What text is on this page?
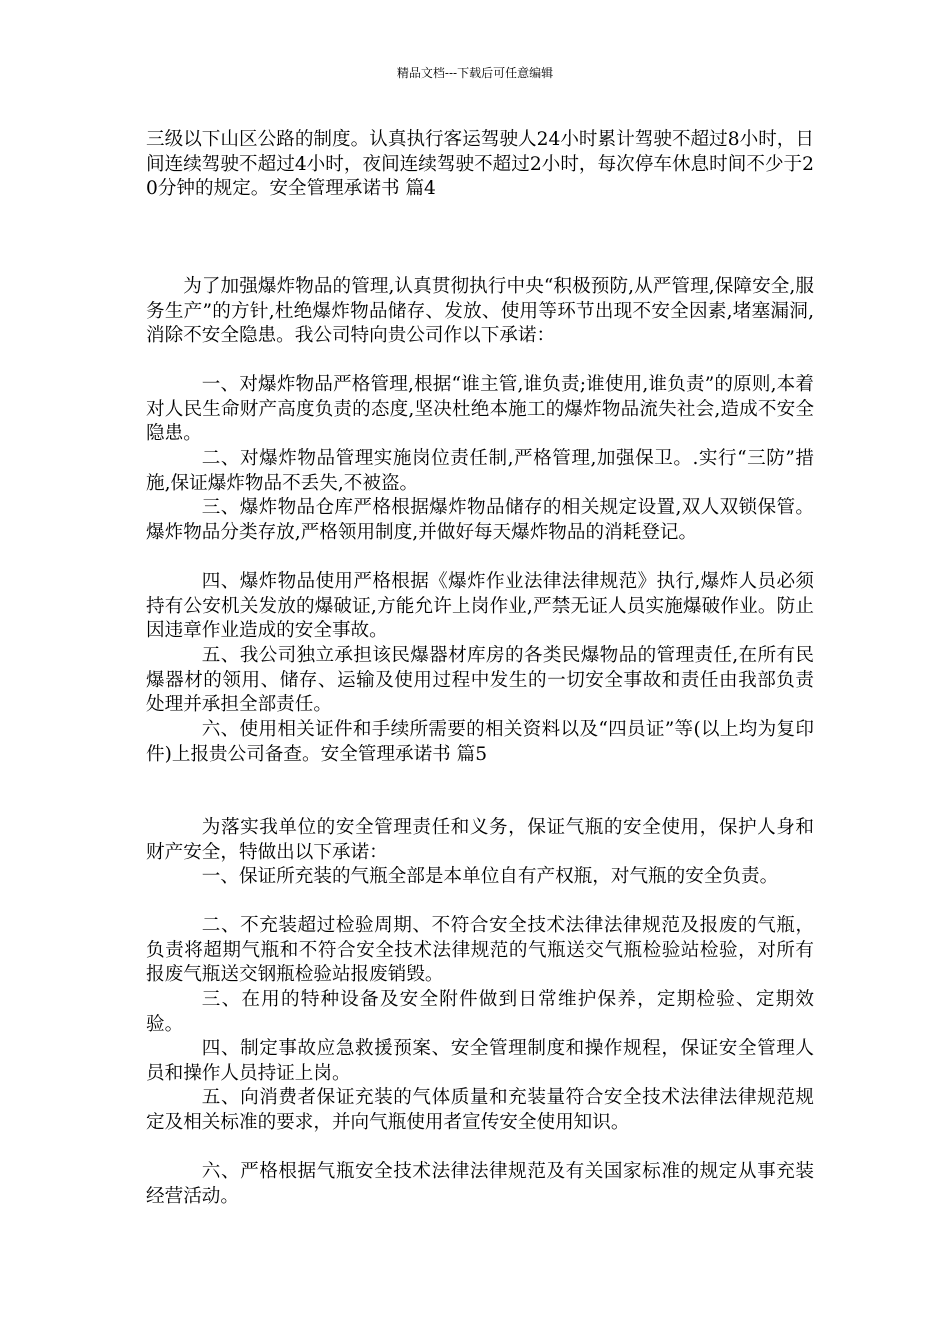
精品文档---下载后可任意编辑

三级以下山区公路的制度。认真执行客运驾驶人24小时累计驾驶不超过8小时，日间连续驾驶不超过4小时，夜间连续驾驶不超过2小时，每次停车休息时间不少于20分钟的规定。安全管理承诺书 篇4

为了加强爆炸物品的管理,认真贯彻执行中央“积极预防,从严管理,保障安全,服务生产”的方针,杜绝爆炸物品储存、发放、使用等环节出现不安全因素,堵塞漏洞,消除不安全隐患。我公司特向贵公司作以下承诺：

一、对爆炸物品严格管理,根据“谁主管,谁负责;谁使用,谁负责”的原则,本着对人民生命财产高度负责的态度,坚决杜绝本施工的爆炸物品流失社会,造成不安全隐患。

二、对爆炸物品管理实施岗位责任制,严格管理,加强保卫。.实行“三防”措施,保证爆炸物品不丢失,不被盗。

三、爆炸物品仓库严格根据爆炸物品储存的相关规定设置,双人双锁保管。爆炸物品分类存放,严格领用制度,并做好每天爆炸物品的消耗登记。

四、爆炸物品使用严格根据《爆炸作业法律法律规范》执行,爆炸人员必须持有公安机关发放的爆破证,方能允许上岗作业,严禁无证人员实施爆破作业。防止因违章作业造成的安全事故。

五、我公司独立承担该民爆器材库房的各类民爆物品的管理责任,在所有民爆器材的领用、储存、运输及使用过程中发生的一切安全事故和责任由我部负责处理并承担全部责任。

六、使用相关证件和手续所需要的相关资料以及“四员证”等(以上均为复印件)上报贵公司备查。安全管理承诺书 篇5

为落实我单位的安全管理责任和义务，保证气瓶的安全使用，保护人身和财产安全，特做出以下承诺：

一、保证所充装的气瓶全部是本单位自有产权瓶，对气瓶的安全负责。

二、不充装超过检验周期、不符合安全技术法律法律规范及报废的气瓶，负责将超期气瓶和不符合安全技术法律规范的气瓶送交气瓶检验站检验，对所有报废气瓶送交钢瓶检验站报废销毁。

三、在用的特种设备及安全附件做到日常维护保养，定期检验、定期效验。

四、制定事故应急救援预案、安全管理制度和操作规程，保证安全管理人员和操作人员持证上岗。

五、向消费者保证充装的气体质量和充装量符合安全技术法律法律规范规定及相关标准的要求，并向气瓶使用者宣传安全使用知识。

六、严格根据气瓶安全技术法律法律规范及有关国家标准的规定从事充装经营活动。
